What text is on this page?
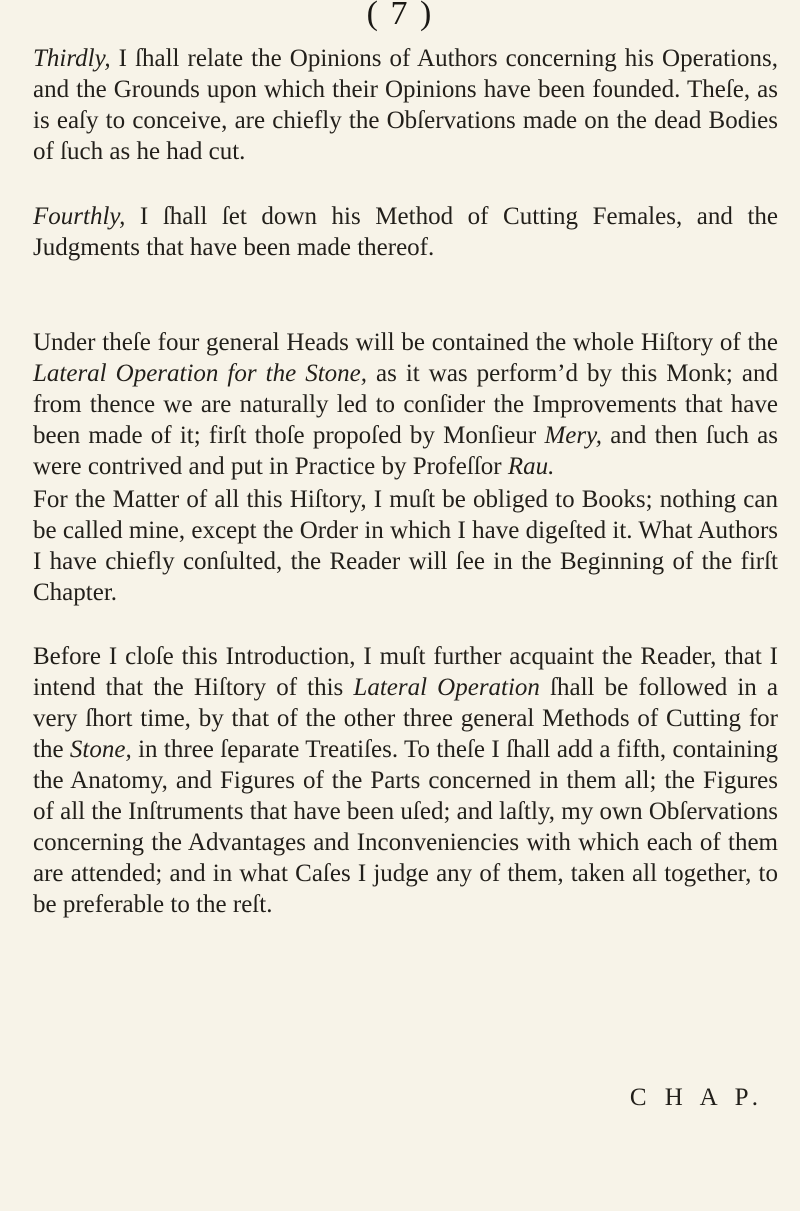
( 7 )

Thirdly, I ſhall relate the Opinions of Authors concerning his Operations, and the Grounds upon which their Opinions have been founded. Theſe, as is eaſy to conceive, are chiefly the Obſervations made on the dead Bodies of ſuch as he had cut.

Fourthly, I ſhall ſet down his Method of Cutting Females, and the Judgments that have been made thereof.

Under theſe four general Heads will be contained the whole Hiſtory of the Lateral Operation for the Stone, as it was perform’d by this Monk; and from thence we are naturally led to conſider the Improvements that have been made of it; firſt thoſe propoſed by Monſieur Mery, and then ſuch as were contrived and put in Practice by Profeſſor Rau.

For the Matter of all this Hiſtory, I muſt be obliged to Books; nothing can be called mine, except the Order in which I have digeſted it. What Authors I have chiefly conſulted, the Reader will ſee in the Beginning of the firſt Chapter.

Before I cloſe this Introduction, I muſt further acquaint the Reader, that I intend that the Hiſtory of this Lateral Operation ſhall be followed in a very ſhort time, by that of the other three general Methods of Cutting for the Stone, in three ſeparate Treatiſes. To theſe I ſhall add a fifth, containing the Anatomy, and Figures of the Parts concerned in them all; the Figures of all the Inſtruments that have been uſed; and laſtly, my own Obſervations concerning the Advantages and Inconveniencies with which each of them are attended; and in what Caſes I judge any of them, taken all together, to be preferable to the reſt.

C H A P.
